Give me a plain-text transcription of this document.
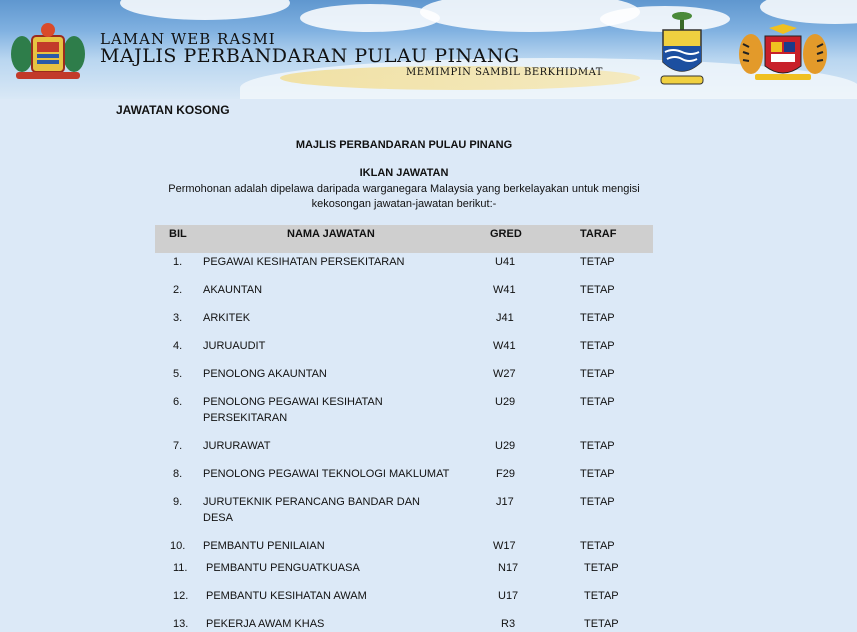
LAMAN WEB RASMI
MAJLIS PERBANDARAN PULAU PINANG
MEMIMPIN SAMBIL BERKHIDMAT
JAWATAN KOSONG
MAJLIS PERBANDARAN PULAU PINANG
IKLAN JAWATAN
Permohonan adalah dipelawa daripada warganegara Malaysia yang berkelayakan untuk mengisi
kekosongan jawatan-jawatan berikut:-
BIL	NAMA JAWATAN	GRED	TARAF
1. PEGAWAI KESIHATAN PERSEKITARAN	U41	TETAP
2. AKAUNTAN	W41	TETAP
3. ARKITEK	J41	TETAP
4. JURUAUDIT	W41	TETAP
5. PENOLONG AKAUNTAN	W27	TETAP
6. PENOLONG PEGAWAI KESIHATAN
PERSEKITARAN
U29	TETAP
7. JURURAWAT	U29	TETAP
8. PENOLONG PEGAWAI TEKNOLOGI MAKLUMAT	F29	TETAP
9. JURUTEKNIK PERANCANG BANDAR DAN
DESA
J17	TETAP
10. PEMBANTU PENILAIAN	W17	TETAP
11. PEMBANTU PENGUATKUASA	N17	TETAP
12. PEMBANTU KESIHATAN AWAM	U17	TETAP
13. PEKERJA AWAM KHAS	R3	TETAP
